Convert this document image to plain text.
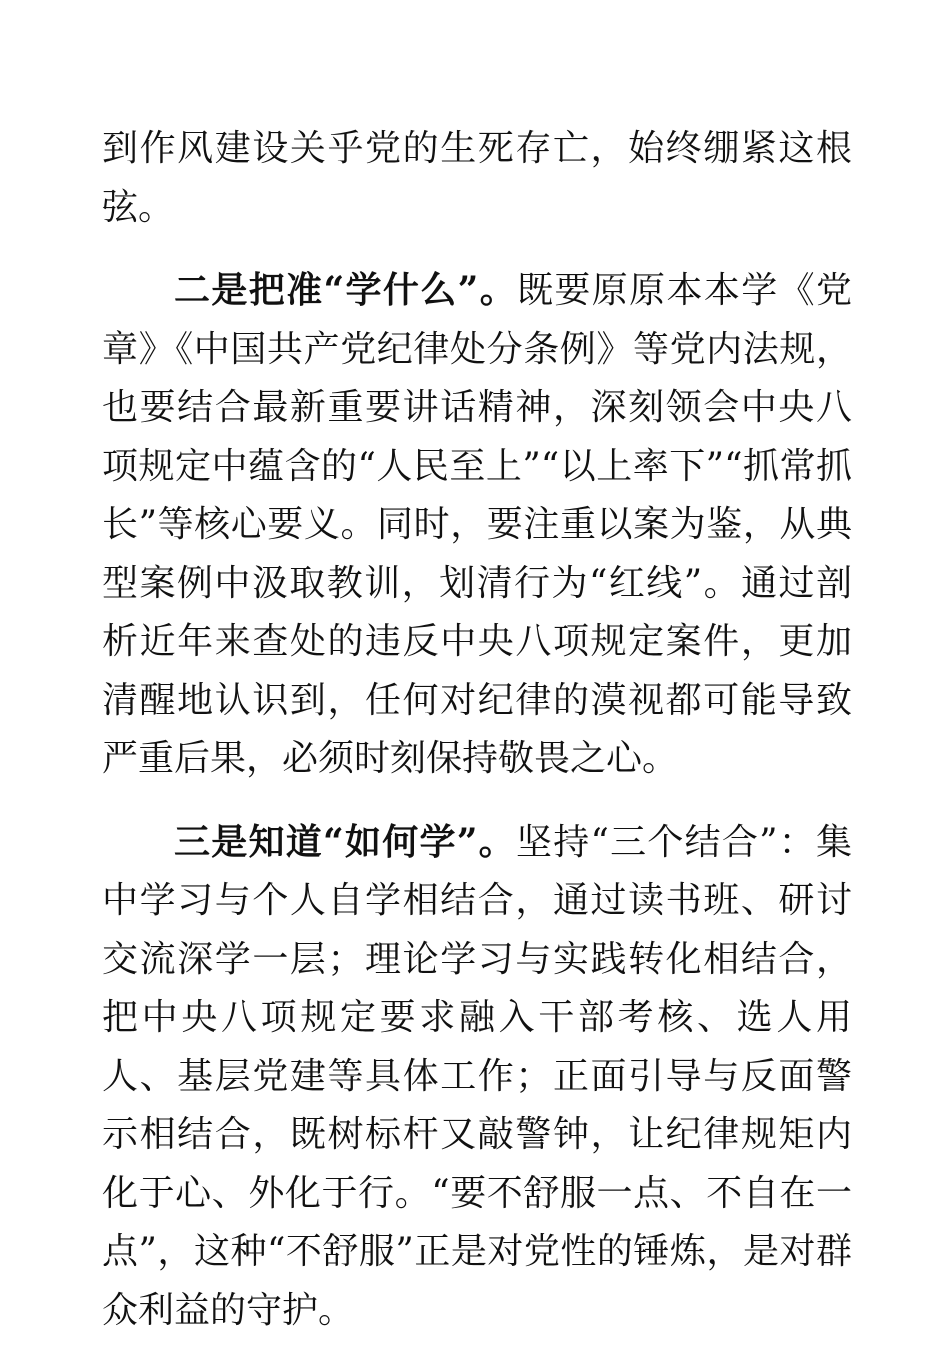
到作风建设关乎党的生死存亡，始终绷紧这根弦。

二是把准“学什么”。既要原原本本学《党章》《中国共产党纪律处分条例》等党内法规，也要结合最新重要讲话精神，深刻领会中央八项规定中蕴含的“人民至上”“以上率下”“抓常抓长”等核心要义。同时，要注重以案为鉴，从典型案例中汲取教训，划清行为“红线”。通过剖析近年来查处的违反中央八项规定案件，更加清醒地认识到，任何对纪律的漠视都可能导致严重后果，必须时刻保持敬畏之心。

三是知道“如何学”。坚持“三个结合”：集中学习与个人自学相结合，通过读书班、研讨交流深学一层；理论学习与实践转化相结合，把中央八项规定要求融入干部考核、选人用人、基层党建等具体工作；正面引导与反面警示相结合，既树标杆又敲警钟，让纪律规矩内化于心、外化于行。“要不舒服一点、不自在一点”，这种“不舒服”正是对党性的锤炼，是对群众利益的守护。
